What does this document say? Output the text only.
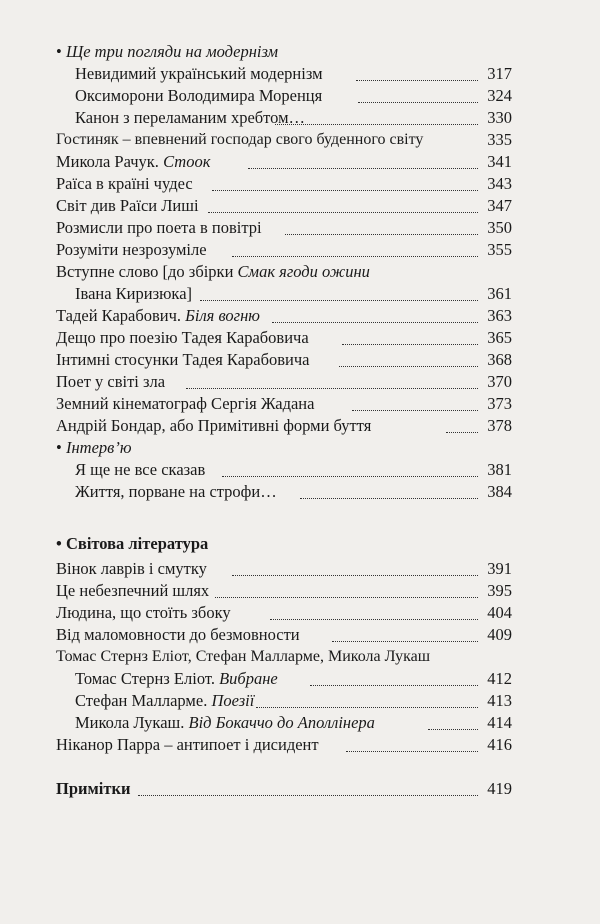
• Ще три погляди на модернізм
Невидимий український модернізм	317
Оксиморони Володимира Моренця	324
Канон з переламаним хребтом…	330
Гостиняк – впевнений господар свого буденного світу	335
Микола Рачук. Стоок	341
Раїса в країні чудес	343
Світ див Раїси Лиші	347
Розмисли про поета в повітрі	350
Розуміти незрозуміле	355
Вступне слово [до збірки Смак ягоди ожини
Івана Киризюка]	361
Тадей Карабович. Біля вогню	363
Дещо про поезію Тадея Карабовича	365
Інтимні стосунки Тадея Карабовича	368
Поет у світі зла	370
Земний кінематограф Сергія Жадана	373
Андрій Бондар, або Примітивні форми буття	378
• Інтерв’ю
Я ще не все сказав	381
Життя, порване на строфи…	384
• Світова література
Вінок лаврів і смутку	391
Це небезпечний шлях	395
Людина, що стоїть збоку	404
Від маломовности до безмовности	409
Томас Стернз Еліот, Стефан Малларме, Микола Лукаш
Томас Стернз Еліот. Вибране	412
Стефан Малларме. Поезії	413
Микола Лукаш. Від Бокаччо до Аполлінера	414
Ніканор Парра – антипоет і дисидент	416
Примітки	419
